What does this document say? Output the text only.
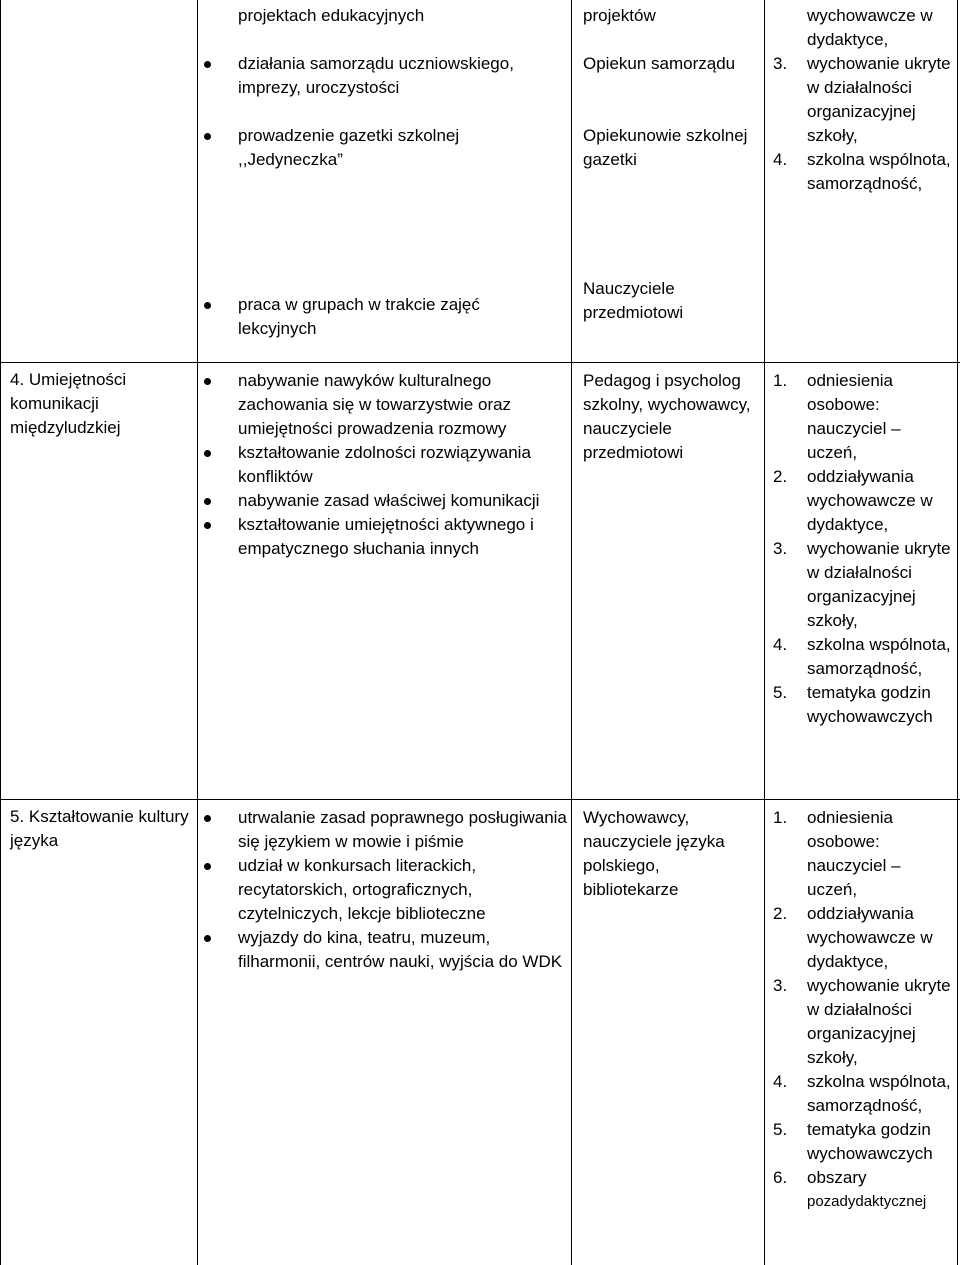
projektach edukacyjnych
działania samorządu uczniowskiego, imprezy, uroczystości
prowadzenie gazetki szkolnej ,,Jedyneczka”
projektów
Opiekun samorządu
Opiekunowie szkolnej gazetki
wychowawcze w dydaktyce,
3. wychowanie ukryte w działalności organizacyjnej szkoły,
4. szkolna wspólnota, samorządność,
praca w grupach w trakcie zajęć lekcyjnych
Nauczyciele przedmiotowi
4. Umiejętności komunikacji międzyludzkiej
nabywanie nawyków kulturalnego zachowania się w towarzystwie oraz umiejętności prowadzenia rozmowy
kształtowanie zdolności rozwiązywania konfliktów
nabywanie zasad właściwej komunikacji
kształtowanie umiejętności aktywnego i empatycznego słuchania innych
Pedagog i psycholog szkolny, wychowawcy, nauczyciele przedmiotowi
1. odniesienia osobowe: nauczyciel – uczeń,
2. oddziaływania wychowawcze w dydaktyce,
3. wychowanie ukryte w działalności organizacyjnej szkoły,
4. szkolna wspólnota, samorządność,
5. tematyka godzin wychowawczych
5. Kształtowanie kultury języka
utrwalanie zasad poprawnego posługiwania się językiem w mowie i piśmie
udział w konkursach literackich, recytatorskich, ortograficznych, czytelniczych, lekcje biblioteczne
wyjazdy do kina, teatru, muzeum, filharmonii, centrów nauki, wyjścia do WDK
Wychowawcy, nauczyciele języka polskiego, bibliotekarze
1. odniesienia osobowe: nauczyciel – uczeń,
2. oddziaływania wychowawcze w dydaktyce,
3. wychowanie ukryte w działalności organizacyjnej szkoły,
4. szkolna wspólnota, samorządność,
5. tematyka godzin wychowawczych
6. obszary
pozadydaktycznej
